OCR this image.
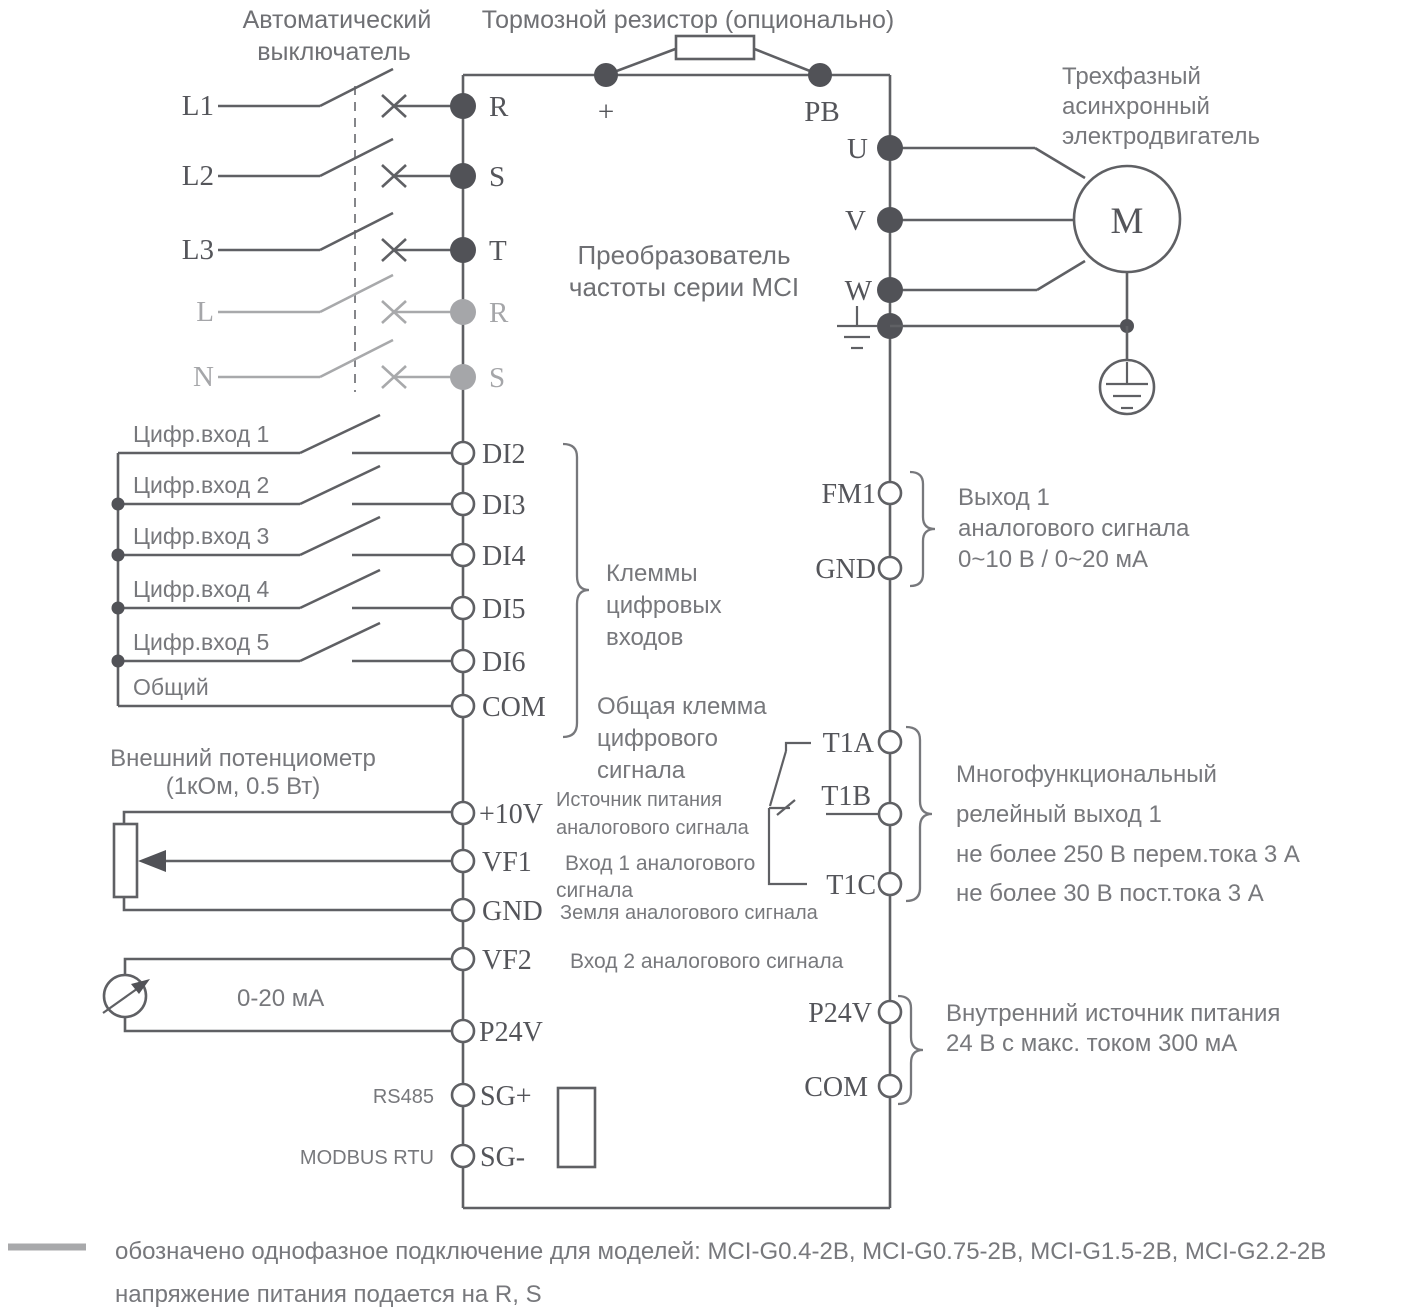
Автоматический
выключатель
Тормозной резистор (опционально)
Трехфазный
асинхронный
электродвигатель
Преобразователь
частоты серии MCI
+	PB
L1	R
L2	S
L3	T
L	R
N	S
U
V
W
M
Цифр.вход 1
Цифр.вход 2
Цифр.вход 3
Цифр.вход 4
Цифр.вход 5
Общий
DI2
DI3
DI4
DI5
DI6
COM
Клеммы
цифровых
входов
Общая клемма
цифрового
сигнала
FM1
GND
Выход 1
аналогового сигнала
0~10 В / 0~20 мА
Внешний потенциометр
(1кОм, 0.5 Вт)
+10V
VF1
GND
VF2
Источник питания
аналогового сигнала
Вход 1 аналогового
сигнала
Земля аналогового сигнала
Вход 2 аналогового сигнала
0-20 мА
P24V
SG+
SG-
RS485
MODBUS RTU
T1A
T1B
T1C
Многофункциональный
релейный выход 1
не более 250 В перем.тока 3 А
не более 30 В пост.тока 3 А
P24V
COM
Внутренний источник питания
24 В с макс. током 300 мА
обозначено однофазное подключение для моделей: MCI-G0.4-2B, MCI-G0.75-2B, MCI-G1.5-2B, MCI-G2.2-2B
напряжение питания подается на R, S
